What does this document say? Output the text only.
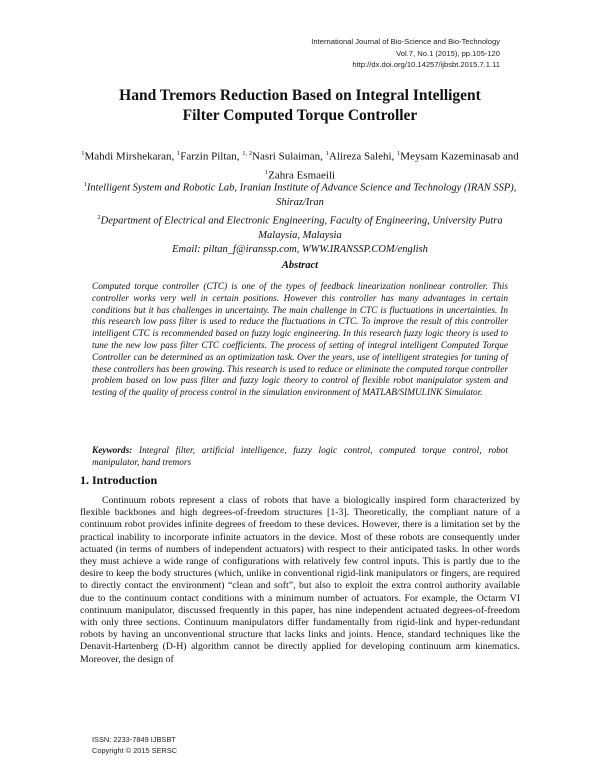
International Journal of Bio-Science and Bio-Technology
Vol.7, No.1 (2015), pp.105-120
http://dx.doi.org/10.14257/ijbsbt.2015.7.1.11
Hand Tremors Reduction Based on Integral Intelligent
Filter Computed Torque Controller
$^1$Mahdi Mirshekaran, $^1$Farzin Piltan, $^{1, 2}$Nasri Sulaiman, $^1$Alireza Salehi, $^1$Meysam Kazeminasab and $^1$Zahra Esmaeili
$^1$Intelligent System and Robotic Lab, Iranian Institute of Advance Science and Technology (IRAN SSP), Shiraz/Iran
$^2$Department of Electrical and Electronic Engineering, Faculty of Engineering, University Putra Malaysia, Malaysia
Email: piltan_f@iranssp.com, WWW.IRANSSP.COM/english
Abstract
Computed torque controller (CTC) is one of the types of feedback linearization nonlinear controller. This controller works very well in certain positions. However this controller has many advantages in certain conditions but it has challenges in uncertainty. The main challenge in CTC is fluctuations in uncertainties. In this research low pass filter is used to reduce the fluctuations in CTC. To improve the result of this controller intelligent CTC is recommended based on fuzzy logic engineering. In this research fuzzy logic theory is used to tune the new low pass filter CTC coefficients. The process of setting of integral intelligent Computed Torque Controller can be determined as an optimization task. Over the years, use of intelligent strategies for tuning of these controllers has been growing. This research is used to reduce or eliminate the computed torque controller problem based on low pass filter and fuzzy logic theory to control of flexible robot manipulator system and testing of the quality of process control in the simulation environment of MATLAB/SIMULINK Simulator.
Keywords: Integral filter, artificial intelligence, fuzzy logic control, computed torque control, robot manipulator, hand tremors
1. Introduction
Continuum robots represent a class of robots that have a biologically inspired form characterized by flexible backbones and high degrees-of-freedom structures [1-3]. Theoretically, the compliant nature of a continuum robot provides infinite degrees of freedom to these devices. However, there is a limitation set by the practical inability to incorporate infinite actuators in the device. Most of these robots are consequently under actuated (in terms of numbers of independent actuators) with respect to their anticipated tasks. In other words they must achieve a wide range of configurations with relatively few control inputs. This is partly due to the desire to keep the body structures (which, unlike in conventional rigid-link manipulators or fingers, are required to directly contact the environment) “clean and soft”, but also to exploit the extra control authority available due to the continuum contact conditions with a minimum number of actuators. For example, the Octarm VI continuum manipulator, discussed frequently in this paper, has nine independent actuated degrees-of-freedom with only three sections. Continuum manipulators differ fundamentally from rigid-link and hyper-redundant robots by having an unconventional structure that lacks links and joints. Hence, standard techniques like the Denavit-Hartenberg (D-H) algorithm cannot be directly applied for developing continuum arm kinematics. Moreover, the design of
ISSN: 2233-7849 IJBSBT
Copyright © 2015 SERSC
